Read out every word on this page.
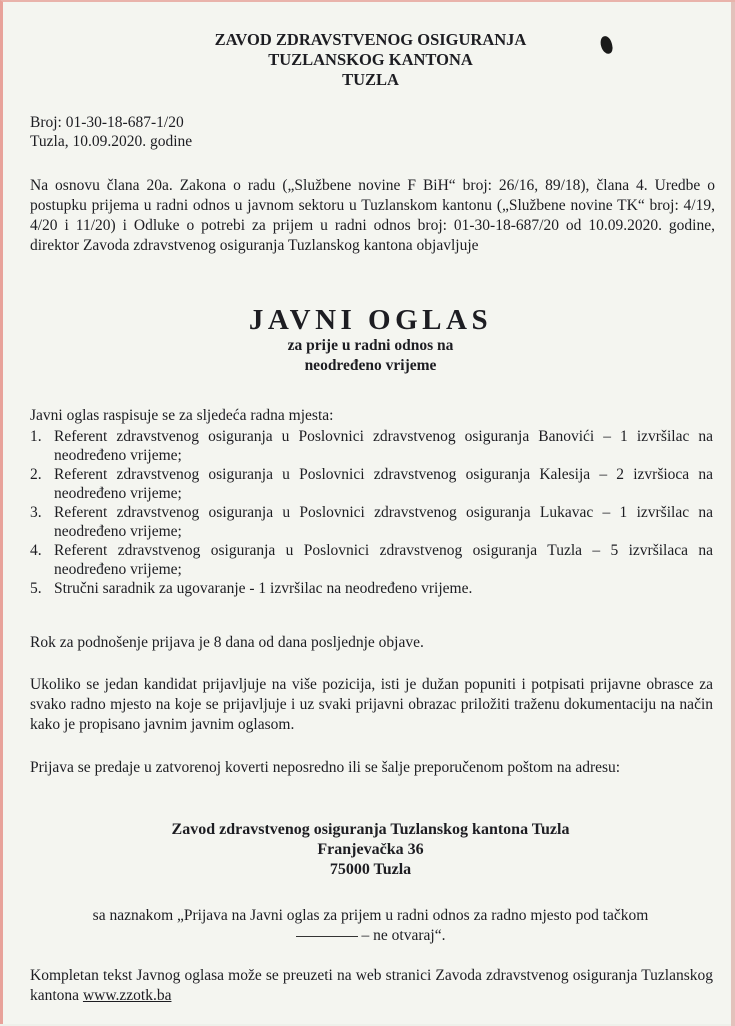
ZAVOD ZDRAVSTVENOG OSIGURANJA
TUZLANSKOG KANTONA
TUZLA
Broj: 01-30-18-687-1/20
Tuzla, 10.09.2020. godine
Na osnovu člana 20a. Zakona o radu („Službene novine F BiH“ broj: 26/16, 89/18), člana 4. Uredbe o postupku prijema u radni odnos u javnom sektoru u Tuzlanskom kantonu („Službene novine TK“ broj: 4/19, 4/20 i 11/20) i Odluke o potrebi za prijem u radni odnos broj: 01-30-18-687/20 od 10.09.2020. godine, direktor Zavoda zdravstvenog osiguranja Tuzlanskog kantona objavljuje
JAVNI OGLAS
za prije u radni odnos na
neodređeno vrijeme
Javni oglas raspisuje se za sljedeća radna mjesta:
1. Referent zdravstvenog osiguranja u Poslovnici zdravstvenog osiguranja Banovići – 1 izvršilac na neodređeno vrijeme;
2. Referent zdravstvenog osiguranja u Poslovnici zdravstvenog osiguranja Kalesija – 2 izvršioca na neodređeno vrijeme;
3. Referent zdravstvenog osiguranja u Poslovnici zdravstvenog osiguranja Lukavac – 1 izvršilac na neodređeno vrijeme;
4. Referent zdravstvenog osiguranja u Poslovnici zdravstvenog osiguranja Tuzla – 5 izvršilaca na neodređeno vrijeme;
5. Stručni saradnik za ugovaranje - 1 izvršilac na neodređeno vrijeme.
Rok za podnošenje prijava je 8 dana od dana posljednje objave.
Ukoliko se jedan kandidat prijavljuje na više pozicija, isti je dužan popuniti i potpisati prijavne obrasce za svako radno mjesto na koje se prijavljuje i uz svaki prijavni obrazac priložiti traženu dokumentaciju na način kako je propisano javnim javnim oglasom.
Prijava se predaje u zatvorenoj koverti neposredno ili se šalje preporučenom poštom na adresu:
Zavod zdravstvenog osiguranja Tuzlanskog kantona Tuzla
Franjevačka 36
75000 Tuzla
sa naznakom „Prijava na Javni oglas za prijem u radni odnos za radno mjesto pod tačkom
– ne otvaraj“.
Kompletan tekst Javnog oglasa može se preuzeti na web stranici Zavoda zdravstvenog osiguranja Tuzlanskog kantona www.zzotk.ba
